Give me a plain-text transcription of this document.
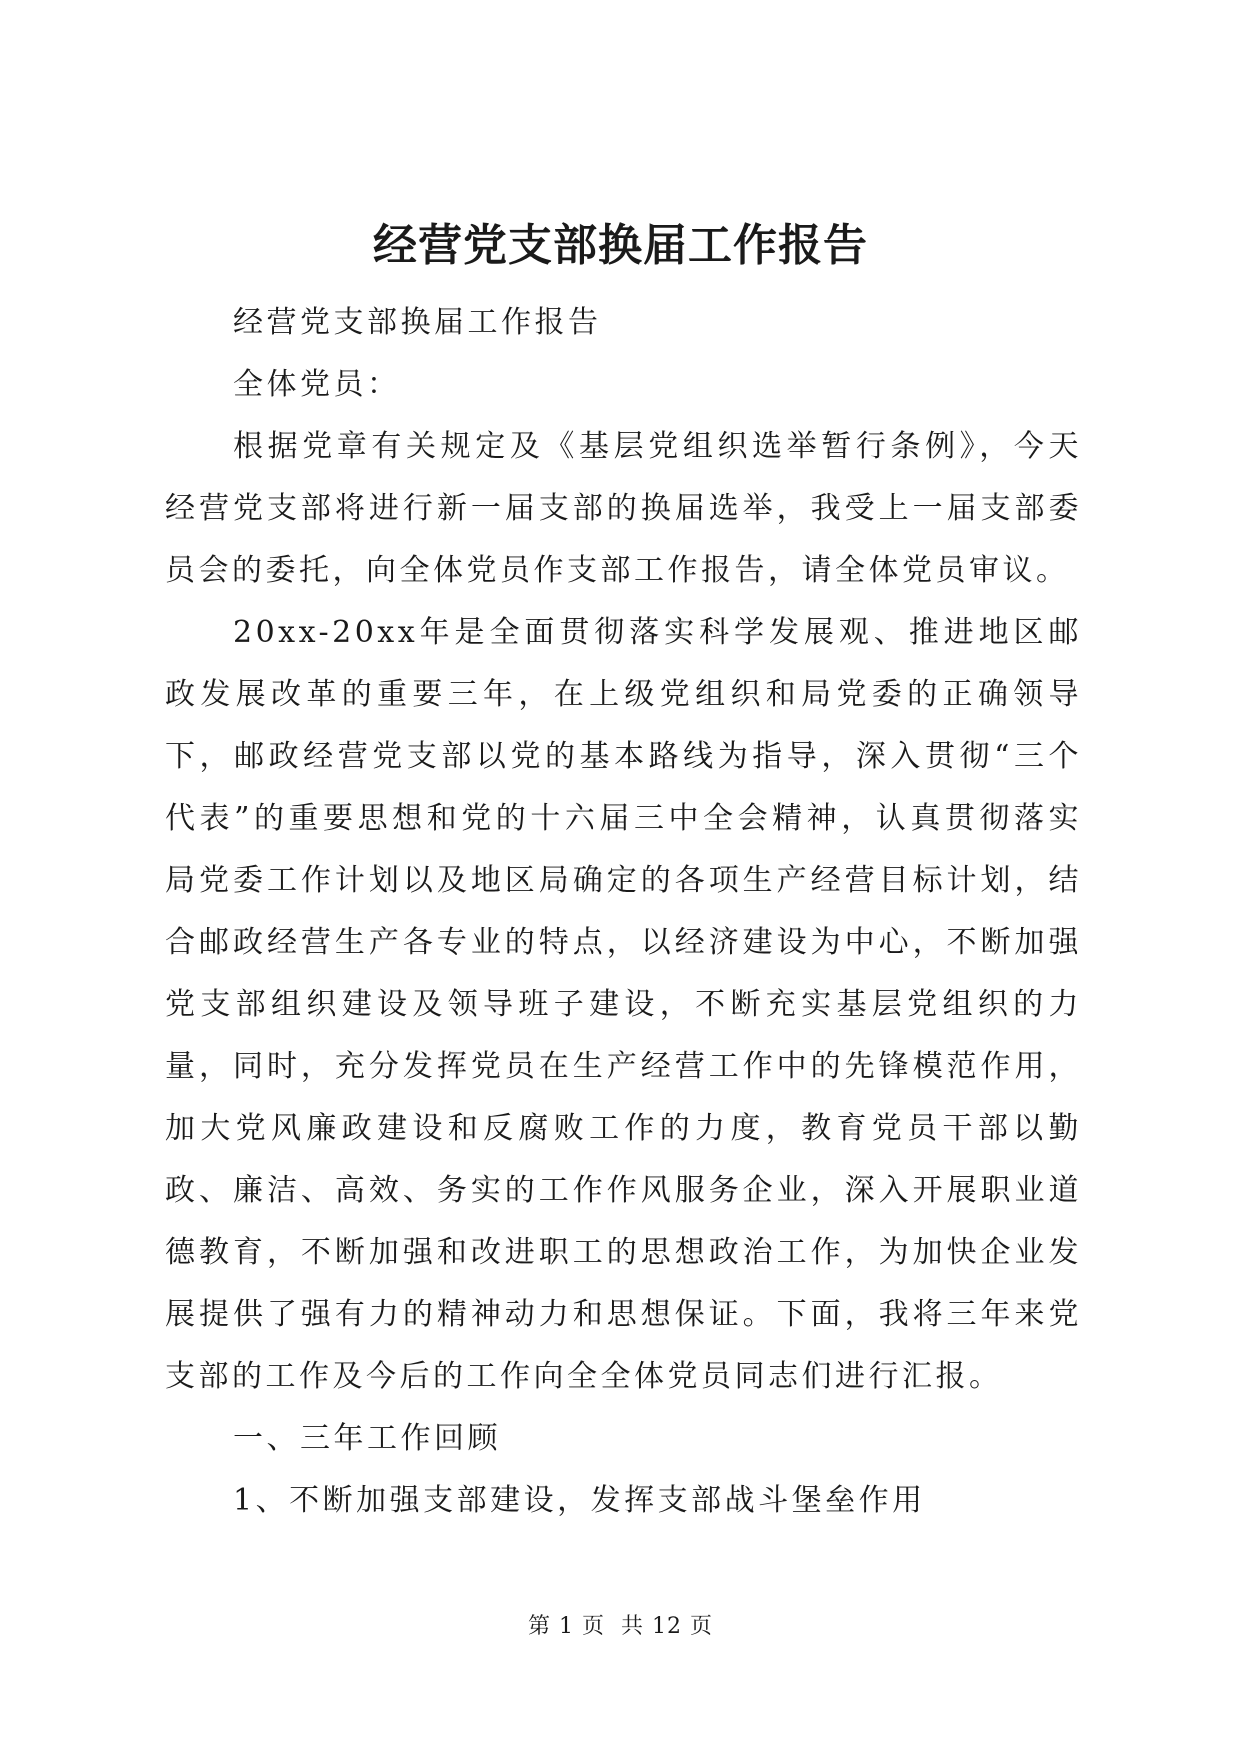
经营党支部换届工作报告

经营党支部换届工作报告

全体党员：

根据党章有关规定及《基层党组织选举暂行条例》，今天经营党支部将进行新一届支部的换届选举，我受上一届支部委员会的委托，向全体党员作支部工作报告，请全体党员审议。

20xx-20xx年是全面贯彻落实科学发展观、推进地区邮政发展改革的重要三年，在上级党组织和局党委的正确领导下，邮政经营党支部以党的基本路线为指导，深入贯彻“三个代表”的重要思想和党的十六届三中全会精神，认真贯彻落实局党委工作计划以及地区局确定的各项生产经营目标计划，结合邮政经营生产各专业的特点，以经济建设为中心，不断加强党支部组织建设及领导班子建设，不断充实基层党组织的力量，同时，充分发挥党员在生产经营工作中的先锋模范作用，加大党风廉政建设和反腐败工作的力度，教育党员干部以勤政、廉洁、高效、务实的工作作风服务企业，深入开展职业道德教育，不断加强和改进职工的思想政治工作，为加快企业发展提供了强有力的精神动力和思想保证。下面，我将三年来党支部的工作及今后的工作向全全体党员同志们进行汇报。

一、三年工作回顾

1、不断加强支部建设，发挥支部战斗堡垒作用

第 1 页  共 12 页
